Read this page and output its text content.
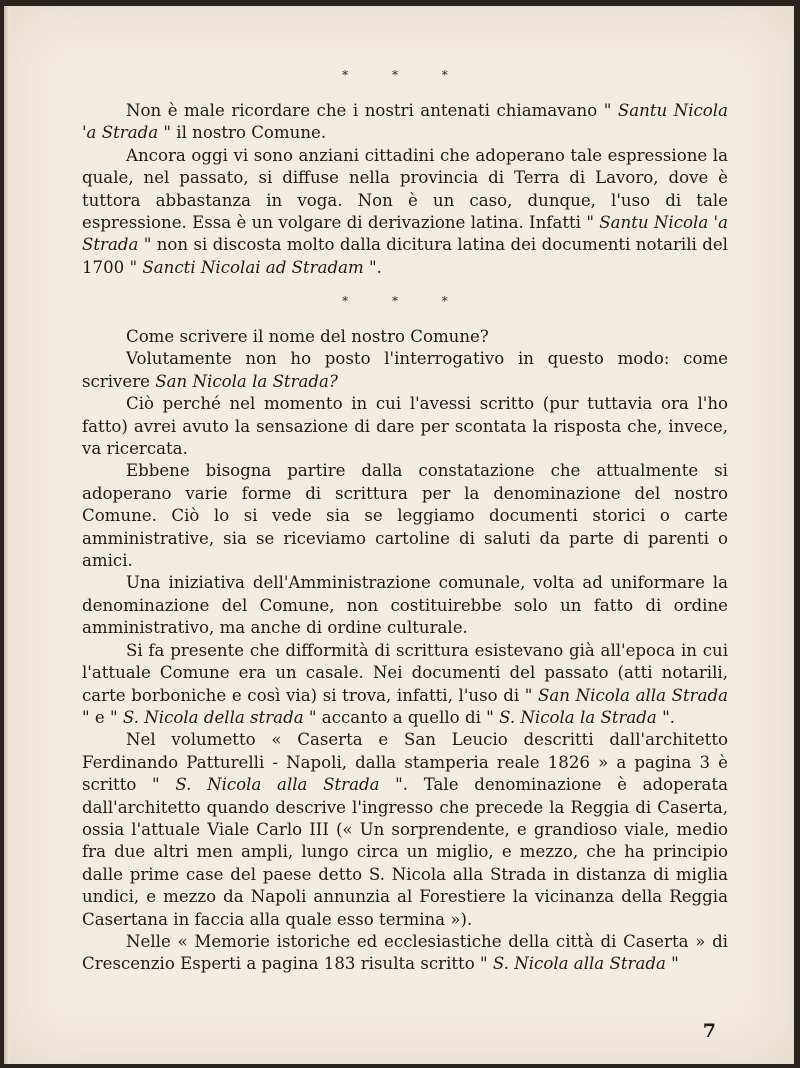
* * *

Non è male ricordare che i nostri antenati chiamavano " Santu Nicola 'a Strada " il nostro Comune.

Ancora oggi vi sono anziani cittadini che adoperano tale espressione la quale, nel passato, si diffuse nella provincia di Terra di Lavoro, dove è tuttora abbastanza in voga. Non è un caso, dunque, l'uso di tale espressione. Essa è un volgare di derivazione latina. Infatti " Santu Nicola 'a Strada " non si discosta molto dalla dicitura latina dei documenti notarili del 1700 " Sancti Nicolai ad Stradam ".

* * *

Come scrivere il nome del nostro Comune?

Volutamente non ho posto l'interrogativo in questo modo: come scrivere San Nicola la Strada?

Ciò perché nel momento in cui l'avessi scritto (pur tuttavia ora l'ho fatto) avrei avuto la sensazione di dare per scontata la risposta che, invece, va ricercata.

Ebbene bisogna partire dalla constatazione che attualmente si adoperano varie forme di scrittura per la denominazione del nostro Comune. Ciò lo si vede sia se leggiamo documenti storici o carte amministrative, sia se riceviamo cartoline di saluti da parte di parenti o amici.

Una iniziativa dell'Amministrazione comunale, volta ad uniformare la denominazione del Comune, non costituirebbe solo un fatto di ordine amministrativo, ma anche di ordine culturale.

Si fa presente che difformità di scrittura esistevano già all'epoca in cui l'attuale Comune era un casale. Nei documenti del passato (atti notarili, carte borboniche e così via) si trova, infatti, l'uso di " San Nicola alla Strada " e " S. Nicola della strada " accanto a quello di " S. Nicola la Strada ".

Nel volumetto « Caserta e San Leucio descritti dall'architetto Ferdinando Patturelli - Napoli, dalla stamperia reale 1826 » a pagina 3 è scritto " S. Nicola alla Strada ". Tale denominazione è adoperata dall'architetto quando descrive l'ingresso che precede la Reggia di Caserta, ossia l'attuale Viale Carlo III (« Un sorprendente, e grandioso viale, medio fra due altri men ampli, lungo circa un miglio, e mezzo, che ha principio dalle prime case del paese detto S. Nicola alla Strada in distanza di miglia undici, e mezzo da Napoli annunzia al Forestiere la vicinanza della Reggia Casertana in faccia alla quale esso termina »).

Nelle « Memorie istoriche ed ecclesiastiche della città di Caserta » di Crescenzio Esperti a pagina 183 risulta scritto " S. Nicola alla Strada "

7
